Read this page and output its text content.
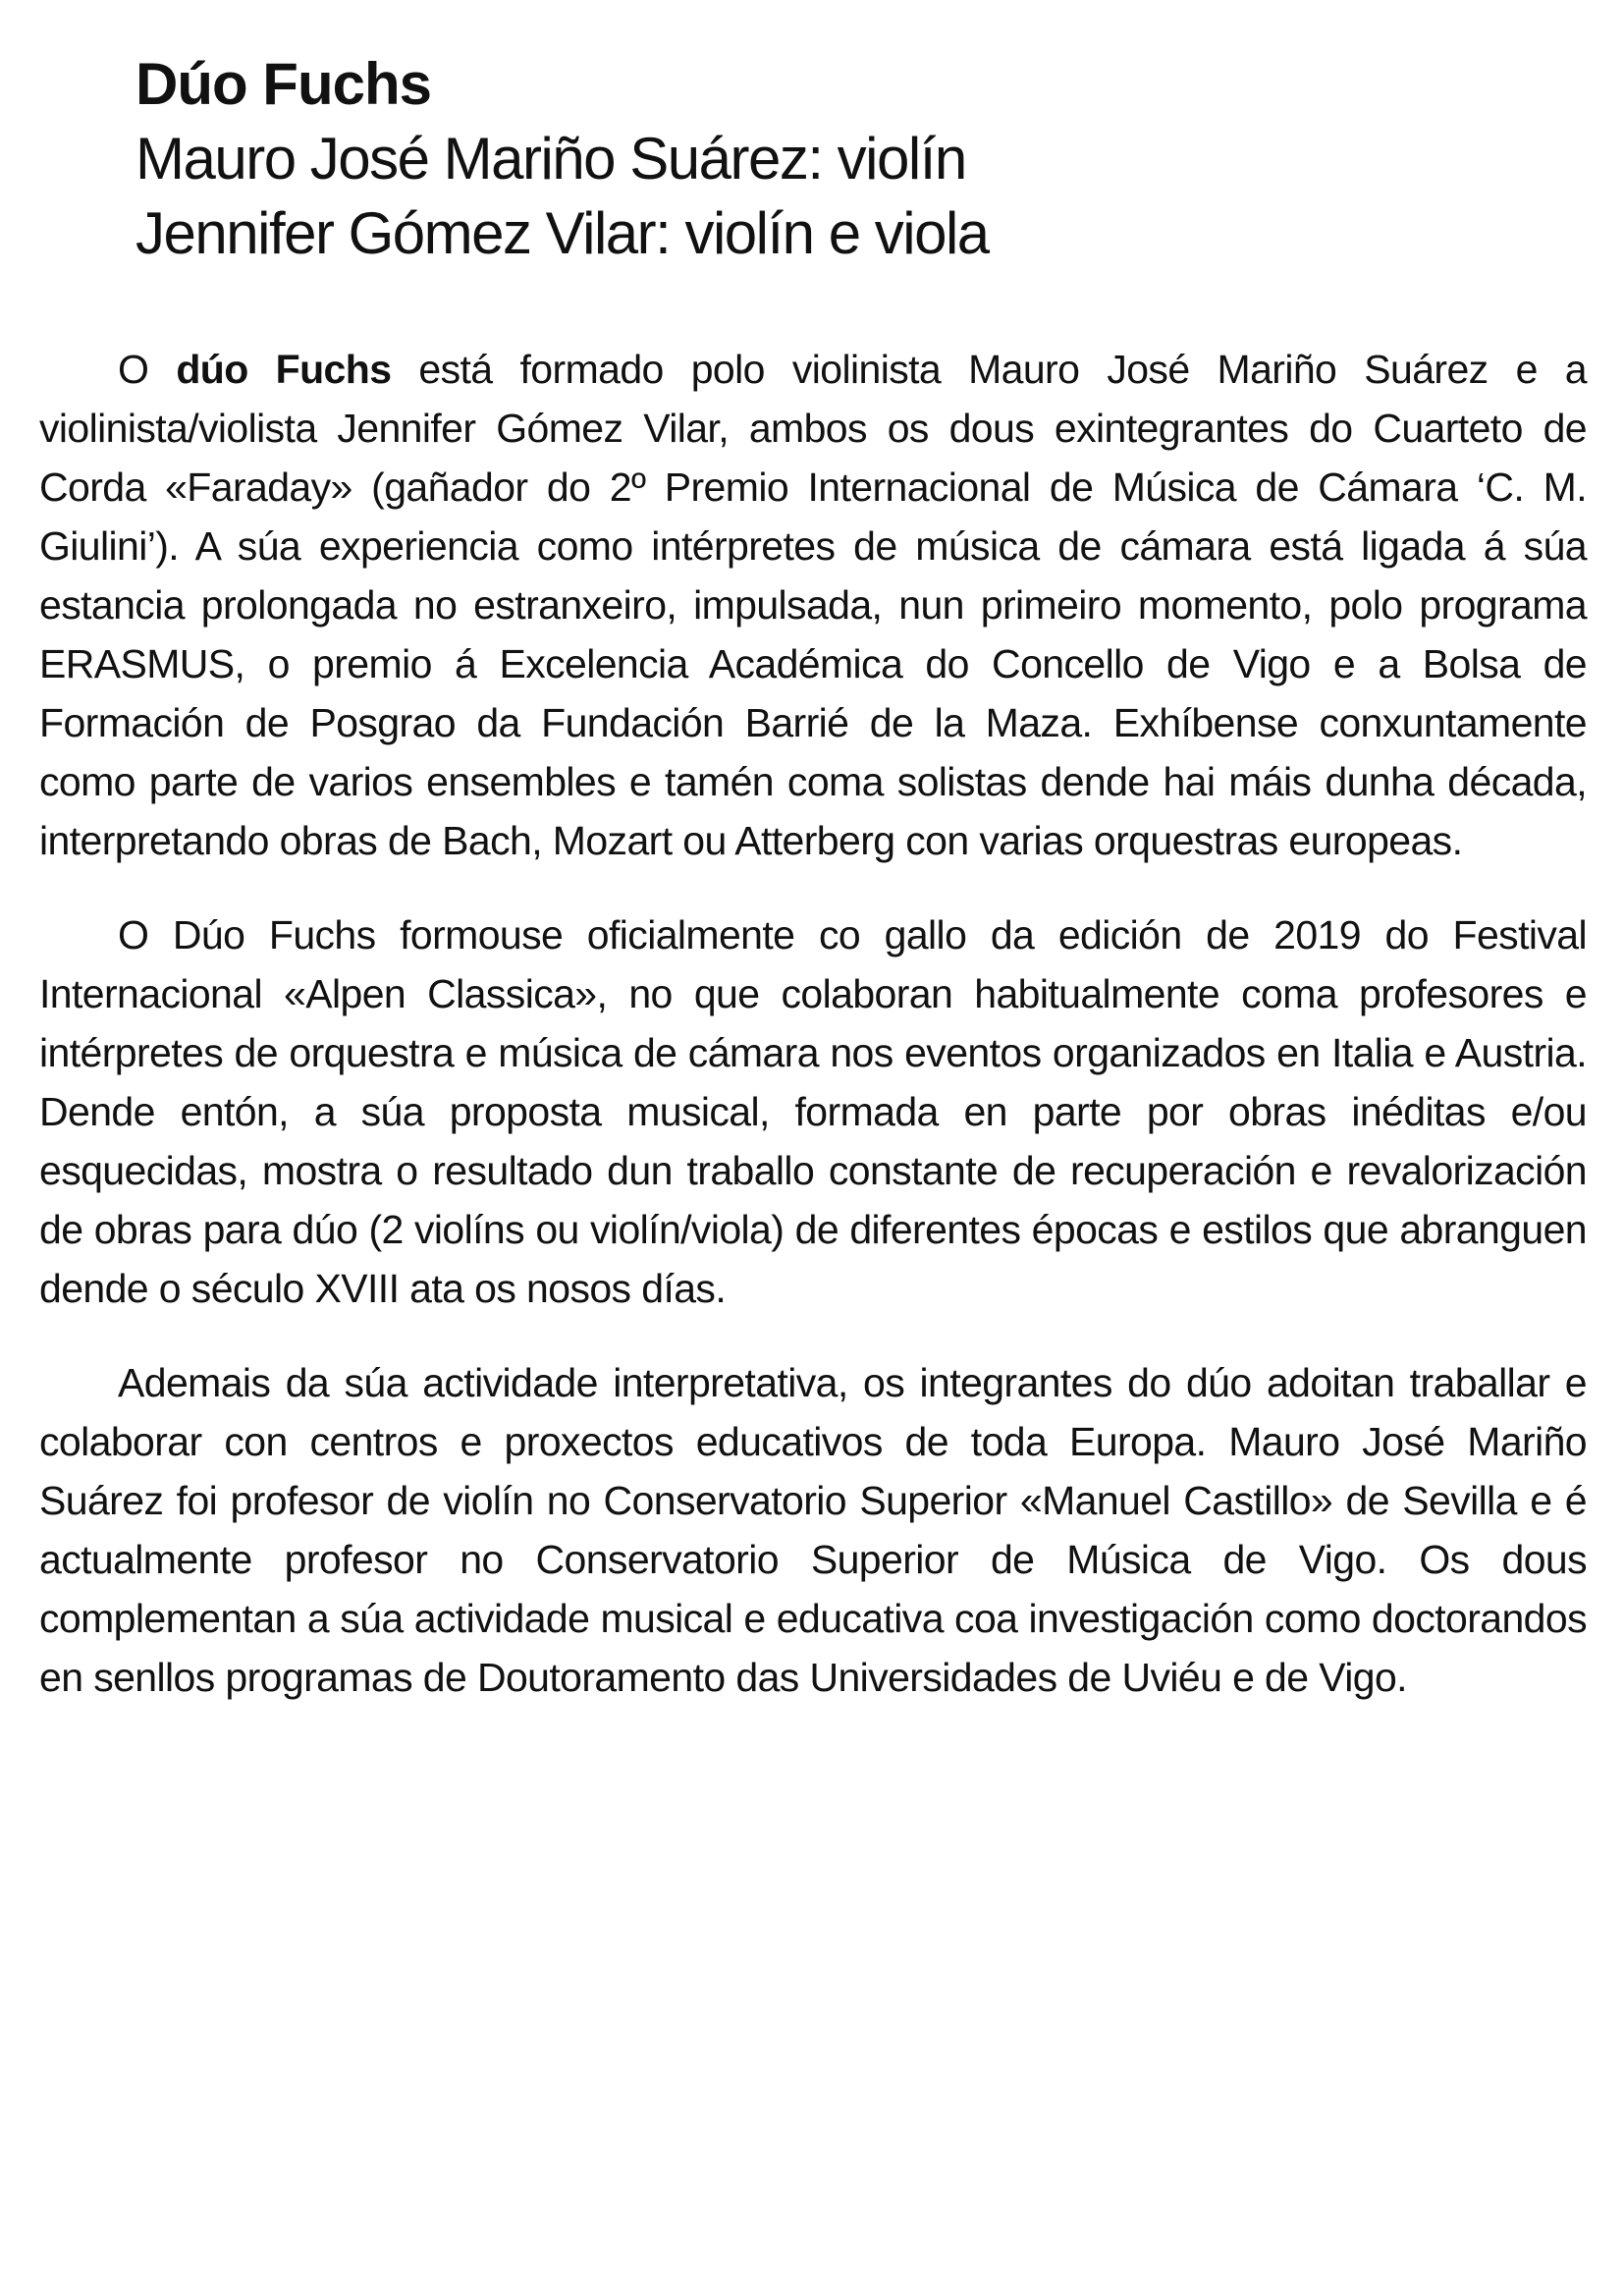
Dúo Fuchs

Mauro José Mariño Suárez: violín

Jennifer Gómez Vilar: violín e viola

O dúo Fuchs está formado polo violinista Mauro José Mariño Suárez e a violinista/violista Jennifer Gómez Vilar, ambos os dous exintegrantes do Cuarteto de Corda «Faraday» (gañador do 2º Premio Internacional de Música de Cámara ‘C. M. Giulini’). A súa experiencia como intérpretes de música de cámara está ligada á súa estancia prolongada no estranxeiro, impulsada, nun primeiro momento, polo programa ERASMUS, o premio á Excelencia Académica do Concello de Vigo e a Bolsa de Formación de Posgrao da Fundación Barrié de la Maza. Exhíbense conxuntamente como parte de varios ensembles e tamén coma solistas dende hai máis dunha década, interpretando obras de Bach, Mozart ou Atterberg con varias orquestras europeas.

O Dúo Fuchs formouse oficialmente co gallo da edición de 2019 do Festival Internacional «Alpen Classica», no que colaboran habitualmente coma profesores e intérpretes de orquestra e música de cámara nos eventos organizados en Italia e Austria. Dende entón, a súa proposta musical, formada en parte por obras inéditas e/ou esquecidas, mostra o resultado dun traballo constante de recuperación e revalorización de obras para dúo (2 violíns ou violín/viola) de diferentes épocas e estilos que abranguen dende o século XVIII ata os nosos días.

Ademais da súa actividade interpretativa, os integrantes do dúo adoitan traballar e colaborar con centros e proxectos educativos de toda Europa. Mauro José Mariño Suárez foi profesor de violín no Conservatorio Superior «Manuel Castillo» de Sevilla e é actualmente profesor no Conservatorio Superior de Música de Vigo. Os dous complementan a súa actividade musical e educativa coa investigación como doctorandos en senllos programas de Doutoramento das Universidades de Uviéu e de Vigo.
